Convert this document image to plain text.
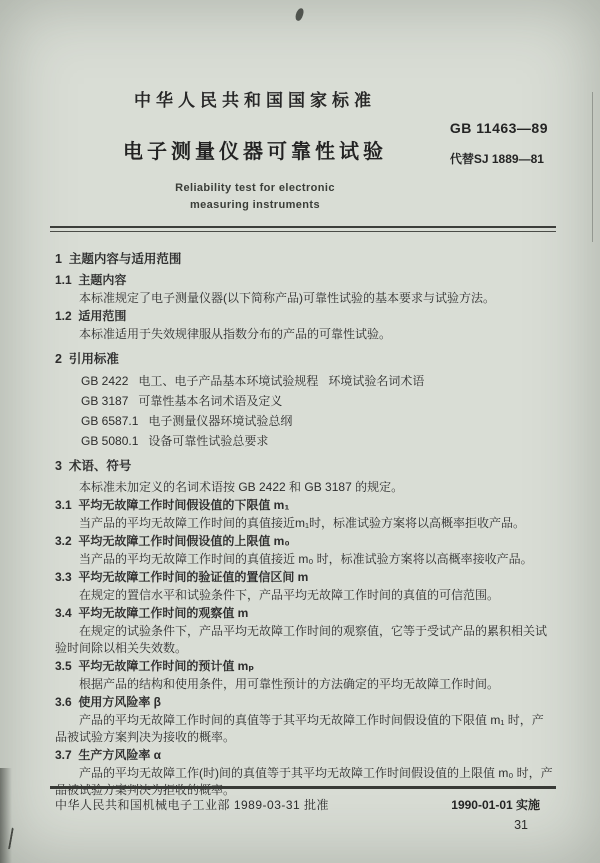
中华人民共和国国家标准
电子测量仪器可靠性试验
Reliability test for electronic
measuring instruments
GB 11463—89
代替SJ 1889—81
1  主题内容与适用范围
1.1  主题内容
本标准规定了电子测量仪器(以下简称产品)可靠性试验的基本要求与试验方法。
1.2  适用范围
本标准适用于失效规律服从指数分布的产品的可靠性试验。
2  引用标准
GB 2422   电工、电子产品基本环境试验规程   环境试验名词术语
GB 3187   可靠性基本名词术语及定义
GB 6587.1   电子测量仪器环境试验总纲
GB 5080.1   设备可靠性试验总要求
3  术语、符号
本标准未加定义的名词术语按 GB 2422 和 GB 3187 的规定。
3.1  平均无故障工作时间假设值的下限值 m₁
当产品的平均无故障工作时间的真值接近m₁时，标准试验方案将以高概率拒收产品。
3.2  平均无故障工作时间假设值的上限值 m₀
当产品的平均无故障工作时间的真值接近 m₀ 时，标准试验方案将以高概率接收产品。
3.3  平均无故障工作时间的验证值的置信区间 m
在规定的置信水平和试验条件下，产品平均无故障工作时间的真值的可信范围。
3.4  平均无故障工作时间的观察值 m
在规定的试验条件下，产品平均无故障工作时间的观察值，它等于受试产品的累积相关试验时间除以相关失效数。
3.5  平均无故障工作时间的预计值 mₚ
根据产品的结构和使用条件，用可靠性预计的方法确定的平均无故障工作时间。
3.6  使用方风险率 β
产品的平均无故障工作时间的真值等于其平均无故障工作时间假设值的下限值 m₁ 时，产品被试验方案判决为接收的概率。
3.7  生产方风险率 α
产品的平均无故障工作(时)间的真值等于其平均无故障工作时间假设值的上限值 m₀ 时，产品被试验方案判决为拒收的概率。
中华人民共和国机械电子工业部 1989-03-31 批准	1990-01-01 实施
31
